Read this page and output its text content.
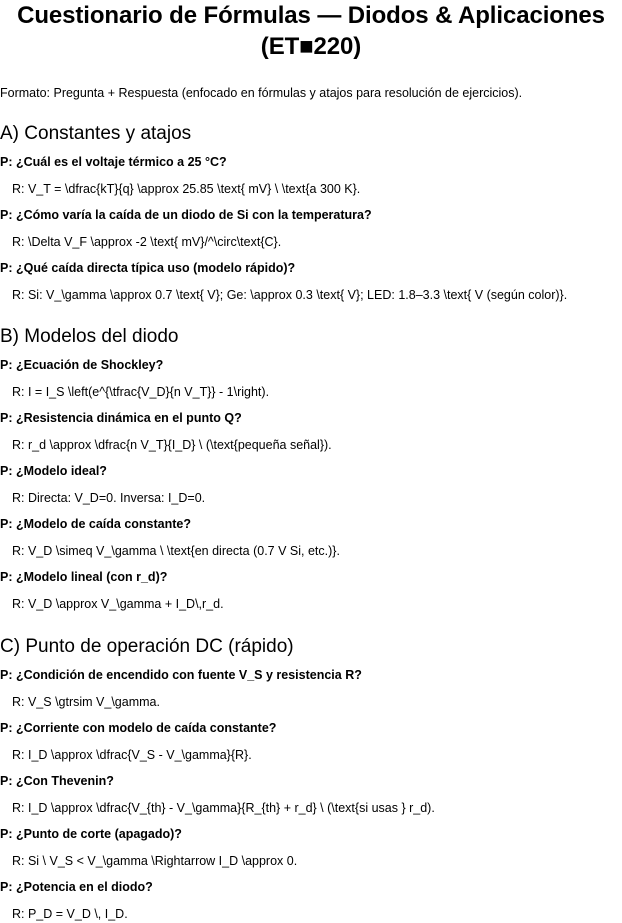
Cuestionario de Fórmulas — Diodos & Aplicaciones
(ET■220)

Formato: Pregunta + Respuesta (enfocado en fórmulas y atajos para resolución de ejercicios).

A) Constantes y atajos

P: ¿Cuál es el voltaje térmico a 25 °C?

R: V_T = \dfrac{kT}{q} \approx 25.85 \text{ mV} \ \text{a 300 K}.

P: ¿Cómo varía la caída de un diodo de Si con la temperatura?

R: \Delta V_F \approx -2 \text{ mV}/^\circ\text{C}.

P: ¿Qué caída directa típica uso (modelo rápido)?

R: Si: V_\gamma \approx 0.7 \text{ V}; Ge: \approx 0.3 \text{ V}; LED: 1.8–3.3 \text{ V (según color)}.

B) Modelos del diodo

P: ¿Ecuación de Shockley?

R: I = I_S \left(e^{\tfrac{V_D}{n V_T}} - 1\right).

P: ¿Resistencia dinámica en el punto Q?

R: r_d \approx \dfrac{n V_T}{I_D} \ (\text{pequeña señal}).

P: ¿Modelo ideal?

R: Directa: V_D=0. Inversa: I_D=0.

P: ¿Modelo de caída constante?

R: V_D \simeq V_\gamma \ \text{en directa (0.7 V Si, etc.)}.

P: ¿Modelo lineal (con r_d)?

R: V_D \approx V_\gamma + I_D\,r_d.

C) Punto de operación DC (rápido)

P: ¿Condición de encendido con fuente V_S y resistencia R?

R: V_S \gtrsim V_\gamma.

P: ¿Corriente con modelo de caída constante?

R: I_D \approx \dfrac{V_S - V_\gamma}{R}.

P: ¿Con Thevenin?

R: I_D \approx \dfrac{V_{th} - V_\gamma}{R_{th} + r_d} \ (\text{si usas } r_d).

P: ¿Punto de corte (apagado)?

R: Si \ V_S < V_\gamma \Rightarrow I_D \approx 0.

P: ¿Potencia en el diodo?

R: P_D = V_D \, I_D.
